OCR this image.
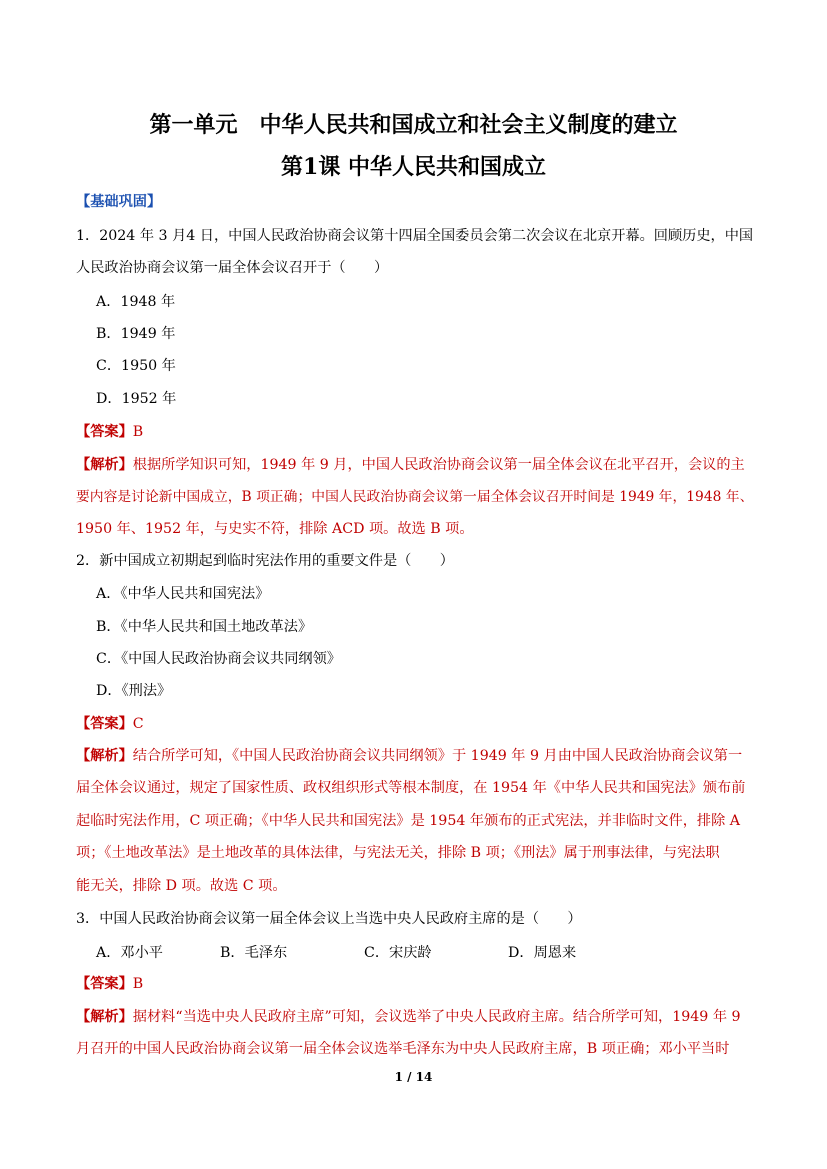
第一单元　中华人民共和国成立和社会主义制度的建立
第1课 中华人民共和国成立
【基础巩固】
1．2024 年 3 月4 日，中国人民政治协商会议第十四届全国委员会第二次会议在北京开幕。回顾历史，中国
人民政治协商会议第一届全体会议召开于（　　）
A．1948 年
B．1949 年
C．1950 年
D．1952 年
【答案】B
【解析】根据所学知识可知，1949 年 9 月，中国人民政治协商会议第一届全体会议在北平召开，会议的主
要内容是讨论新中国成立，B 项正确；中国人民政治协商会议第一届全体会议召开时间是 1949 年，1948 年、
1950 年、1952 年，与史实不符，排除 ACD 项。故选 B 项。
2．新中国成立初期起到临时宪法作用的重要文件是（　　）
A．《中华人民共和国宪法》
B．《中华人民共和国土地改革法》
C．《中国人民政治协商会议共同纲领》
D．《刑法》
【答案】C
【解析】结合所学可知，《中国人民政治协商会议共同纲领》于 1949 年 9 月由中国人民政治协商会议第一
届全体会议通过，规定了国家性质、政权组织形式等根本制度，在 1954 年《中华人民共和国宪法》颁布前
起临时宪法作用，C 项正确；《中华人民共和国宪法》是 1954 年颁布的正式宪法，并非临时文件，排除 A
项；《土地改革法》是土地改革的具体法律，与宪法无关，排除 B 项；《刑法》属于刑事法律，与宪法职
能无关，排除 D 项。故选 C 项。
3．中国人民政治协商会议第一届全体会议上当选中央人民政府主席的是（　　）
A．邓小平	B．毛泽东	C．宋庆龄	D．周恩来
【答案】B
【解析】据材料“当选中央人民政府主席”可知，会议选举了中央人民政府主席。结合所学可知，1949 年 9
月召开的中国人民政治协商会议第一届全体会议选举毛泽东为中央人民政府主席，B 项正确；邓小平当时
1 / 14
